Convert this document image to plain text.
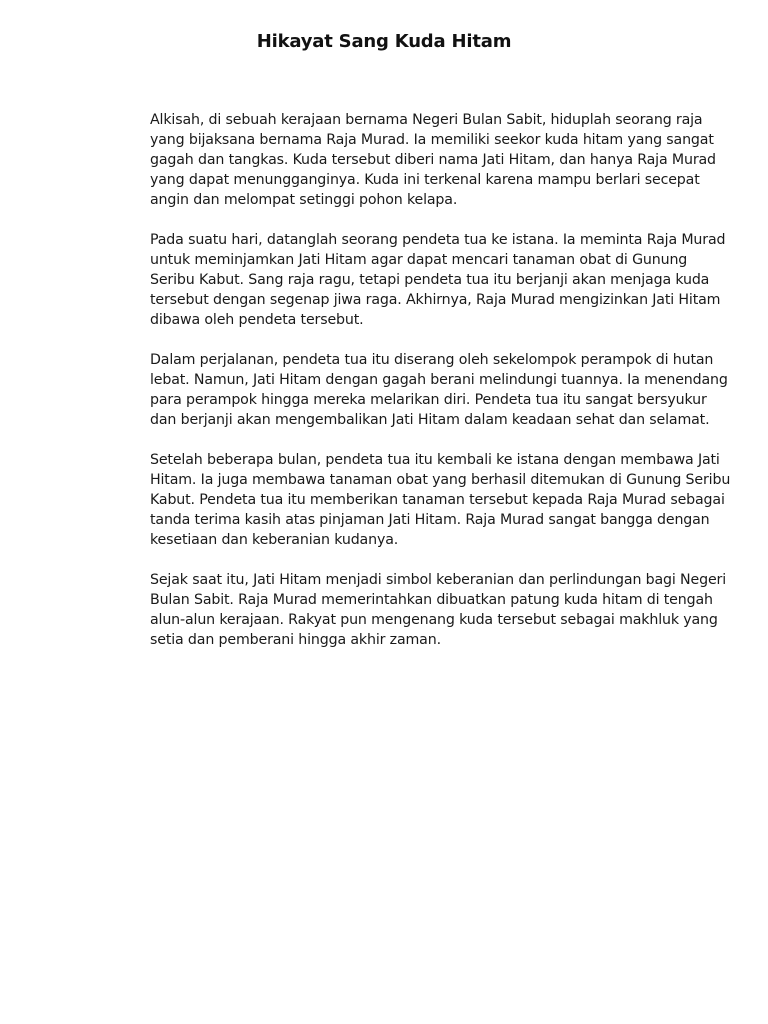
Hikayat Sang Kuda Hitam

Alkisah, di sebuah kerajaan bernama Negeri Bulan Sabit, hiduplah seorang raja yang bijaksana bernama Raja Murad. Ia memiliki seekor kuda hitam yang sangat gagah dan tangkas. Kuda tersebut diberi nama Jati Hitam, dan hanya Raja Murad yang dapat menungganginya. Kuda ini terkenal karena mampu berlari secepat angin dan melompat setinggi pohon kelapa.

Pada suatu hari, datanglah seorang pendeta tua ke istana. Ia meminta Raja Murad untuk meminjamkan Jati Hitam agar dapat mencari tanaman obat di Gunung Seribu Kabut. Sang raja ragu, tetapi pendeta tua itu berjanji akan menjaga kuda tersebut dengan segenap jiwa raga. Akhirnya, Raja Murad mengizinkan Jati Hitam dibawa oleh pendeta tersebut.

Dalam perjalanan, pendeta tua itu diserang oleh sekelompok perampok di hutan lebat. Namun, Jati Hitam dengan gagah berani melindungi tuannya. Ia menendang para perampok hingga mereka melarikan diri. Pendeta tua itu sangat bersyukur dan berjanji akan mengembalikan Jati Hitam dalam keadaan sehat dan selamat.

Setelah beberapa bulan, pendeta tua itu kembali ke istana dengan membawa Jati Hitam. Ia juga membawa tanaman obat yang berhasil ditemukan di Gunung Seribu Kabut. Pendeta tua itu memberikan tanaman tersebut kepada Raja Murad sebagai tanda terima kasih atas pinjaman Jati Hitam. Raja Murad sangat bangga dengan kesetiaan dan keberanian kudanya.

Sejak saat itu, Jati Hitam menjadi simbol keberanian dan perlindungan bagi Negeri Bulan Sabit. Raja Murad memerintahkan dibuatkan patung kuda hitam di tengah alun-alun kerajaan. Rakyat pun mengenang kuda tersebut sebagai makhluk yang setia dan pemberani hingga akhir zaman.
